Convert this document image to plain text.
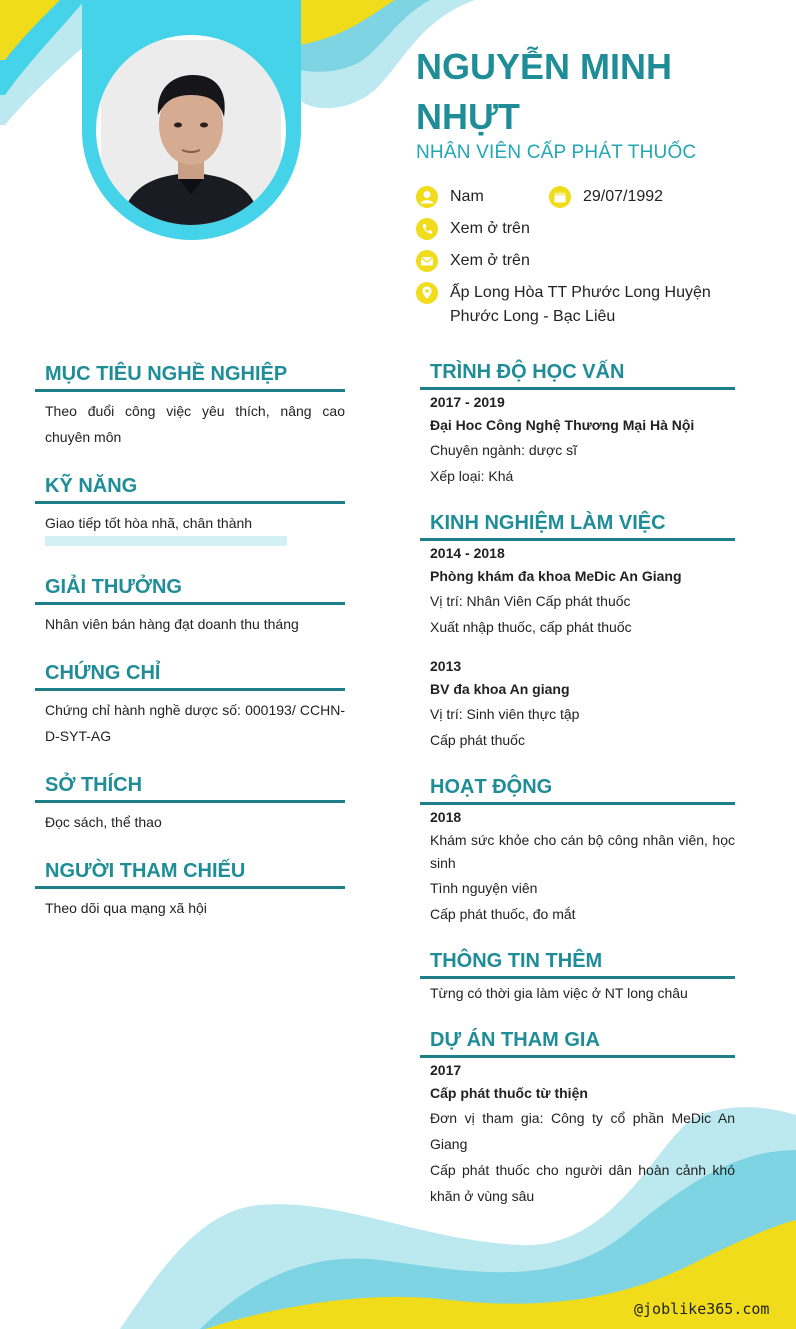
NGUYỄN MINH
NHỰT
NHÂN VIÊN CẤP PHÁT THUỐC
Nam	29/07/1992
Xem ở trên
Xem ở trên
Ấp Long Hòa TT Phước Long Huyện Phước Long - Bạc Liêu
MỤC TIÊU NGHỀ NGHIỆP
Theo đuổi công việc yêu thích, nâng cao chuyên môn
KỸ NĂNG
Giao tiếp tốt hòa nhã, chân thành
GIẢI THƯỞNG
Nhân viên bán hàng đạt doanh thu tháng
CHỨNG CHỈ
Chứng chỉ hành nghề dược số: 000193/ CCHN-D-SYT-AG
SỞ THÍCH
Đọc sách, thể thao
NGƯỜI THAM CHIẾU
Theo dõi qua mạng xã hội
TRÌNH ĐỘ HỌC VẤN
2017 - 2019
Đại Hoc Công Nghệ Thương Mại Hà Nội
Chuyên ngành: dược sĩ
Xếp loại: Khá
KINH NGHIỆM LÀM VIỆC
2014 - 2018
Phòng khám đa khoa MeDic An Giang
Vị trí: Nhân Viên Cấp phát thuốc
Xuất nhập thuốc, cấp phát thuốc
2013
BV đa khoa An giang
Vị trí: Sinh viên thực tập
Cấp phát thuốc
HOẠT ĐỘNG
2018
Khám sức khỏe cho cán bộ công nhân viên, học sinh
Tình nguyện viên
Cấp phát thuốc, đo mắt
THÔNG TIN THÊM
Từng có thời gia làm việc ở NT long châu
DỰ ÁN THAM GIA
2017
Cấp phát thuốc từ thiện
Đơn vị tham gia: Công ty cổ phần MeDic An Giang
Cấp phát thuốc cho người dân hoàn cảnh khó khăn ở vùng sâu
@joblike365.com
